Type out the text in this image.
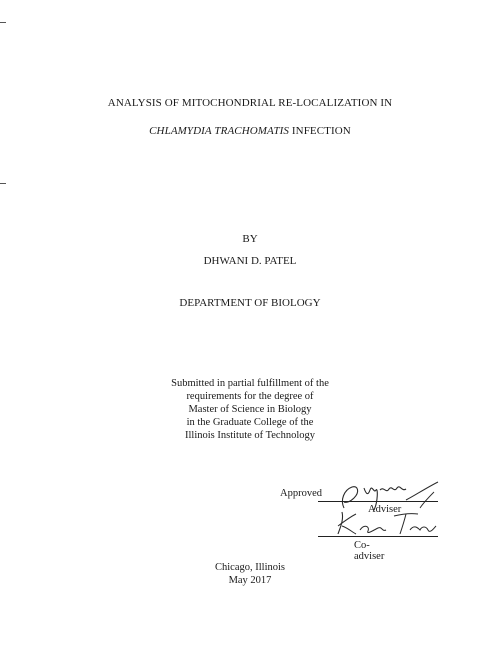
ANALYSIS OF MITOCHONDRIAL RE-LOCALIZATION IN
CHLAMYDIA TRACHOMATIS INFECTION
BY
DHWANI D. PATEL
DEPARTMENT OF BIOLOGY
Submitted in partial fulfillment of the
requirements for the degree of
Master of Science in Biology
in the Graduate College of the
Illinois Institute of Technology
Approved
Adviser
Co-adviser
Chicago, Illinois
May 2017
